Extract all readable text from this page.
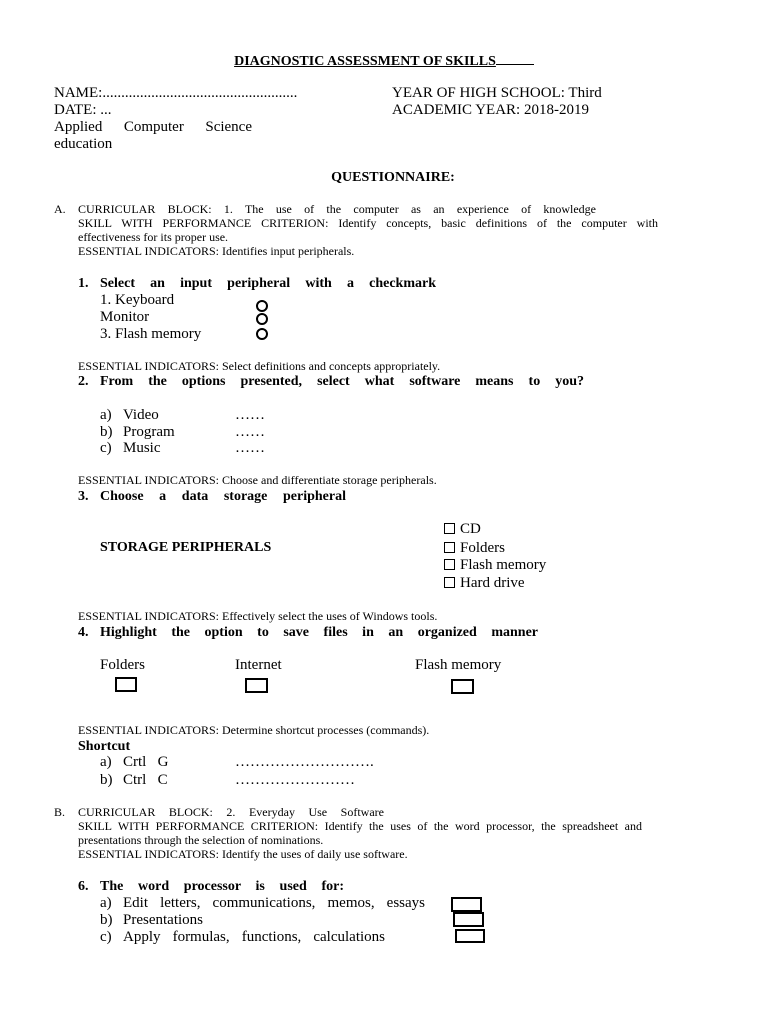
DIAGNOSTIC ASSESSMENT OF SKILLS
NAME:....................................................
DATE: ...
Applied Computer Science
education
YEAR OF HIGH SCHOOL: Third
ACADEMIC YEAR: 2018-2019
QUESTIONNAIRE:
A. CURRICULAR BLOCK: 1. The use of the computer as an experience of knowledge
SKILL WITH PERFORMANCE CRITERION: Identify concepts, basic definitions of the computer with
effectiveness for its proper use.
ESSENTIAL INDICATORS: Identifies input peripherals.
1. Select an input peripheral with a checkmark
1. Keyboard
Monitor
3. Flash memory
ESSENTIAL INDICATORS: Select definitions and concepts appropriately.
2. From the options presented, select what software means to you?
a) Video	……
b) Program	……
c) Music	……
ESSENTIAL INDICATORS: Choose and differentiate storage peripherals.
3. Choose a data storage peripheral
STORAGE PERIPHERALS
CD
Folders
Flash memory
Hard drive
ESSENTIAL INDICATORS: Effectively select the uses of Windows tools.
4. Highlight the option to save files in an organized manner
Folders	Internet	Flash memory
ESSENTIAL INDICATORS: Determine shortcut processes (commands).
Shortcut
a) Crtl   G	……………………….
b) Ctrl   C	……………………
B. CURRICULAR BLOCK: 2. Everyday Use Software
SKILL WITH PERFORMANCE CRITERION: Identify the uses of the word processor, the spreadsheet and
presentations through the selection of nominations.
ESSENTIAL INDICATORS: Identify the uses of daily use software.
6. The word processor is used for:
a) Edit letters, communications, memos, essays
b) Presentations
c) Apply formulas, functions, calculations
